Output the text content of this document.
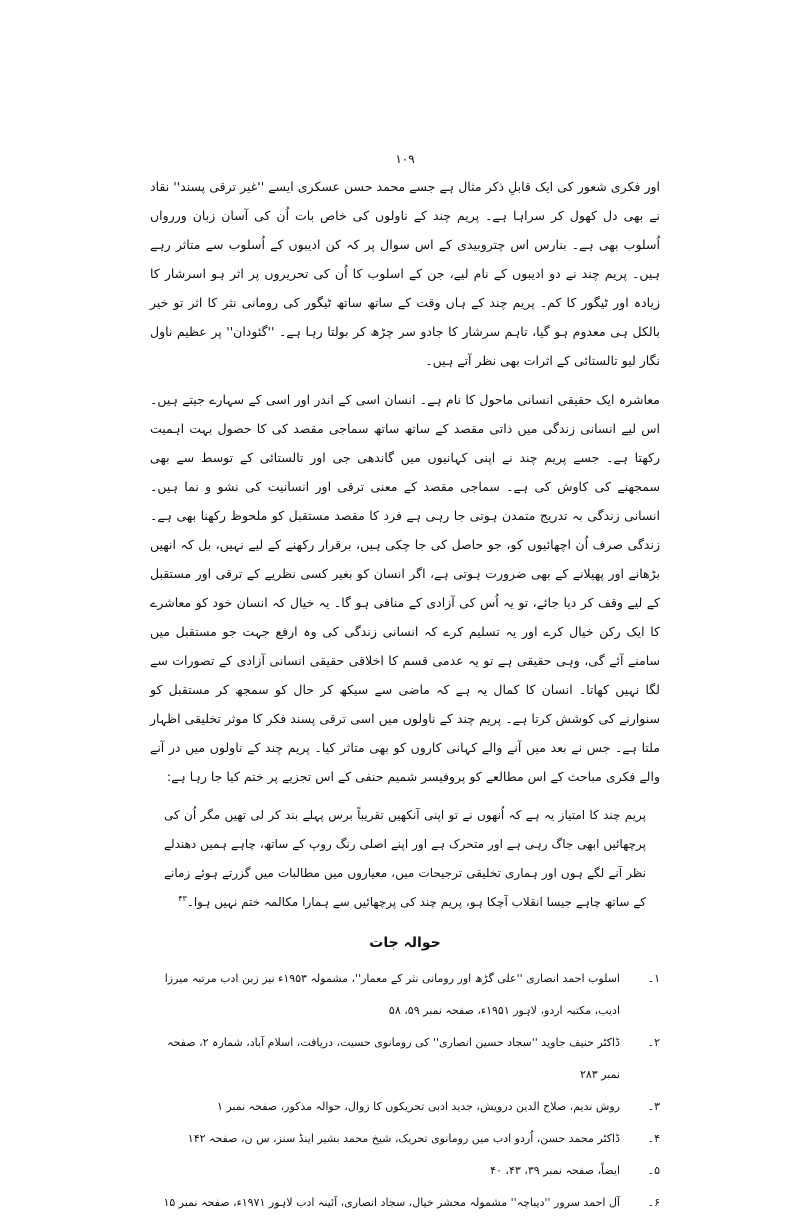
۱۰۹

اور فکری شعور کی ایک قابلِ ذکر مثال ہے جسے محمد حسن عسکری ایسے ''غیر ترقی پسند'' نقاد نے بھی دل کھول کر سراہا ہے۔ پریم چند کے ناولوں کی خاص بات اُن کی آسان زبان وررواں اُسلوب بھی ہے۔ بنارس اس چتروبیدی کے اس سوال پر کہ کن ادیبوں کے اُسلوب سے متاثر رہے ہیں۔ پریم چند نے دو ادیبوں کے نام لیے، جن کے اسلوب کا اُن کی تحریروں پر اثر ہو اسرشار کا زیادہ اور ٹیگور کا کم۔ پریم چند کے ہاں وقت کے ساتھ ساتھ ٹیگور کی رومانی نثر کا اثر تو خیر بالکل ہی معدوم ہو گیا، تاہم سرشار کا جادو سر چڑھ کر بولتا رہا ہے۔ ''گئودان'' پر عظیم ناول نگار لیو تالستائی کے اثرات بھی نظر آتے ہیں۔

معاشرہ ایک حقیقی انسانی ماحول کا نام ہے۔ انسان اسی کے اندر اور اسی کے سہارے جیتے ہیں۔ اس لیے انسانی زندگی میں ذاتی مقصد کے ساتھ ساتھ سماجی مقصد کی کا حصول بہت اہمیت رکھتا ہے۔ جسے پریم چند نے اپنی کہانیوں میں گاندھی جی اور تالستائی کے توسط سے بھی سمجھنے کی کاوش کی ہے۔ سماجی مقصد کے معنی ترقی اور انسانیت کی نشو و نما ہیں۔ انسانی زندگی بہ تدریج متمدن ہوتی جا رہی ہے فرد کا مقصد مستقبل کو ملحوظ رکھنا بھی ہے۔ زندگی صرف اُن اچھائیوں کو، جو حاصل کی جا چکی ہیں، برقرار رکھنے کے لیے نہیں، بل کہ انھیں بڑھانے اور پھیلانے کے بھی ضرورت ہوتی ہے، اگر انسان کو بغیر کسی نظریے کے ترقی اور مستقبل کے لیے وقف کر دیا جائے، تو یہ اُس کی آزادی کے منافی ہو گا۔ یہ خیال کہ انسان خود کو معاشرے کا ایک رکن خیال کرے اور یہ تسلیم کرے کہ انسانی زندگی کی وہ ارفع جہت جو مستقبل میں سامنے آئے گی، وہی حقیقی ہے تو یہ عدمی قسم کا اخلاقی حقیقی انسانی آزادی کے تصورات سے لگا نہیں کھاتا۔ انسان کا کمال یہ ہے کہ ماضی سے سیکھ کر حال کو سمجھ کر مستقبل کو سنوارنے کی کوشش کرتا ہے۔ پریم چند کے ناولوں میں اسی ترقی پسند فکر کا موثر تخلیقی اظہار ملتا ہے۔ جس نے بعد میں آنے والے کہانی کاروں کو بھی متاثر کیا۔ پریم چند کے ناولوں میں در آنے والے فکری مباحث کے اس مطالعے کو پروفیسر شمیم حنفی کے اس تجزیے پر ختم کیا جا رہا ہے:

پریم چند کا امتیاز یہ ہے کہ اُنھوں نے تو اپنی آنکھیں تقریباً برس پہلے بند کر لی تھیں مگر اُن کی پرچھائیں ابھی جاگ رہی ہے اور متحرک ہے اور اپنے اصلی رنگ روپ کے ساتھ، چاہے ہمیں دھندلے نظر آنے لگے ہوں اور ہماری تخلیقی ترجیحات میں، معیاروں میں مطالبات میں گزرتے ہوئے زمانے کے ساتھ چاہے جیسا انقلاب آچکا ہو، پریم چند کی پرچھائیں سے ہمارا مکالمہ ختم نہیں ہوا۔$^{۴۳}$
حوالہ جات
۱۔
اسلوب احمد انصاری ''علی گڑھ اور رومانی نثر کے معمار''، مشمولہ ۱۹۵۳ء نیز زبن ادب مرتبہ میرزا ادیب، مکتبہ اردو، لاہور ۱۹۵۱ء، صفحہ نمبر ۵۹، ۵۸
۲۔
ڈاکٹر حنیف جاوید ''سجاد حسین انصاری'' کی رومانوی حسیت، دریافت، اسلام آباد، شمارہ ۲، صفحہ نمبر ۲۸۳
۳۔
روش ندیم، صلاح الدین درویش، جدید ادبی تحریکوں کا زوال، حوالہ مذکور، صفحہ نمبر ۱
۴۔
ڈاکٹر محمد حسن، اُردو ادب میں رومانوی تحریک، شیخ محمد بشیر اینڈ سنز، س ن، صفحہ ۱۴۲
۵۔
ایضاً، صفحہ نمبر ۳۹، ۴۳، ۴۰
۶۔
آل احمد سرور ''دیباچہ'' مشمولہ محشر خیال، سجاد انصاری، آئینہ ادب لاہور ۱۹۷۱ء، صفحہ نمبر ۱۵
